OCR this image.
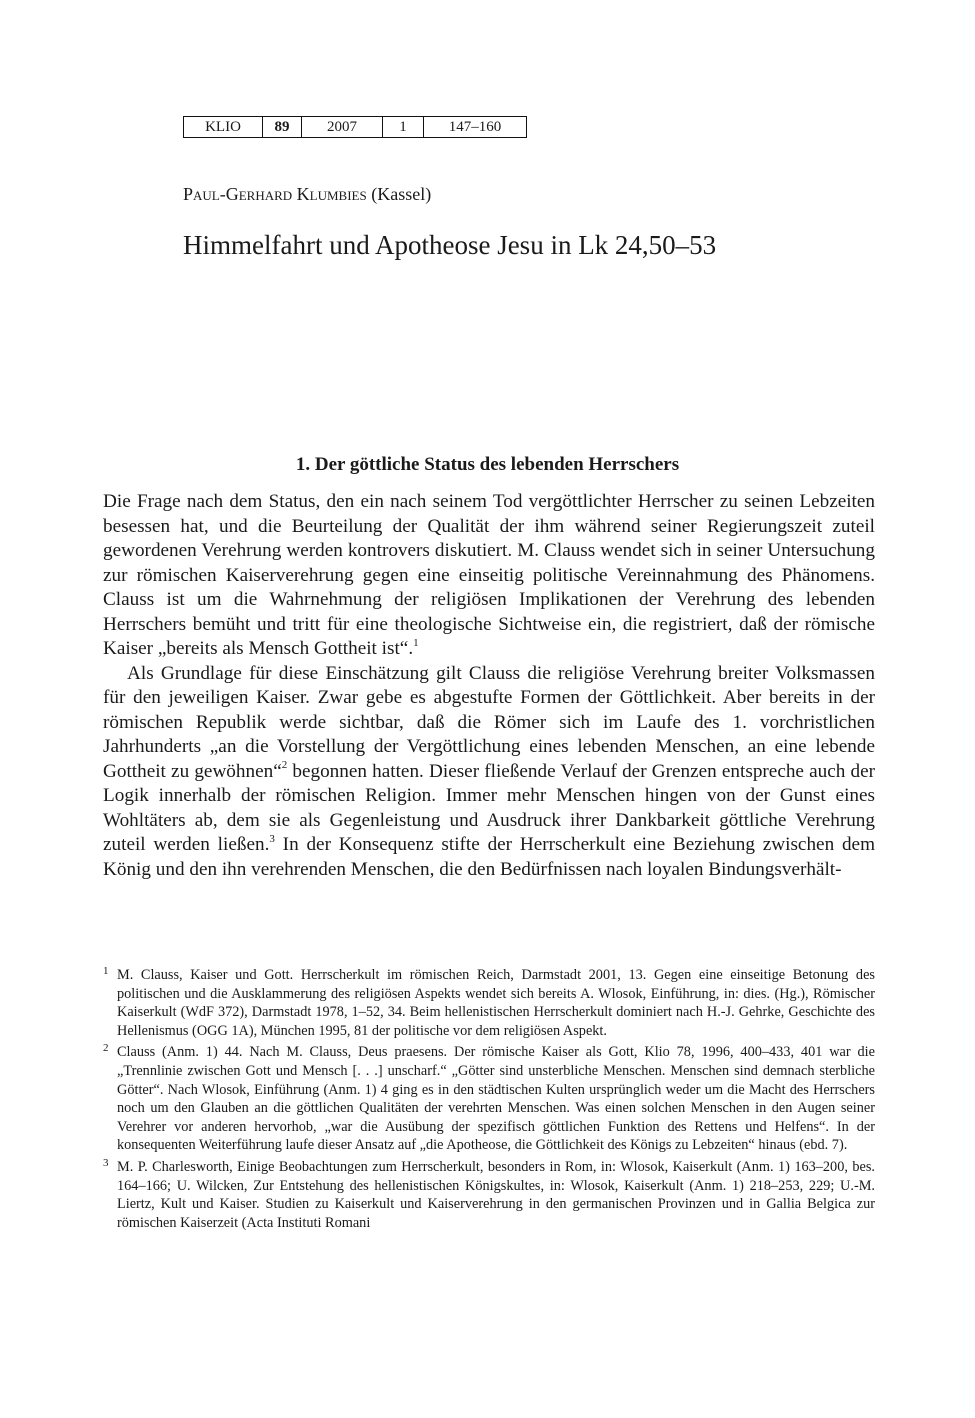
KLIO	89	2007	1	147–160
Paul-Gerhard Klumbies (Kassel)
Himmelfahrt und Apotheose Jesu in Lk 24,50–53
1. Der göttliche Status des lebenden Herrschers

Die Frage nach dem Status, den ein nach seinem Tod vergöttlichter Herrscher zu seinen Lebzeiten besessen hat, und die Beurteilung der Qualität der ihm während seiner Regierungszeit zuteil gewordenen Verehrung werden kontrovers diskutiert. M. Clauss wendet sich in seiner Untersuchung zur römischen Kaiserverehrung gegen eine einseitig politische Vereinnahmung des Phänomens. Clauss ist um die Wahrnehmung der religiösen Implikationen der Verehrung des lebenden Herrschers bemüht und tritt für eine theologische Sichtweise ein, die registriert, daß der römische Kaiser „bereits als Mensch Gottheit ist“.$^1$

Als Grundlage für diese Einschätzung gilt Clauss die religiöse Verehrung breiter Volksmassen für den jeweiligen Kaiser. Zwar gebe es abgestufte Formen der Göttlichkeit. Aber bereits in der römischen Republik werde sichtbar, daß die Römer sich im Laufe des 1. vorchristlichen Jahrhunderts „an die Vorstellung der Vergöttlichung eines lebenden Menschen, an eine lebende Gottheit zu gewöhnen“$^2$ begonnen hatten. Dieser fließende Verlauf der Grenzen entspreche auch der Logik innerhalb der römischen Religion. Immer mehr Menschen hingen von der Gunst eines Wohltäters ab, dem sie als Gegenleistung und Ausdruck ihrer Dankbarkeit göttliche Verehrung zuteil werden ließen.$^3$ In der Konsequenz stifte der Herrscherkult eine Beziehung zwischen dem König und den ihn verehrenden Menschen, die den Bedürfnissen nach loyalen Bindungsverhält-

1 M. Clauss, Kaiser und Gott. Herrscherkult im römischen Reich, Darmstadt 2001, 13. Gegen eine einseitige Betonung des politischen und die Ausklammerung des religiösen Aspekts wendet sich bereits A. Wlosok, Einführung, in: dies. (Hg.), Römischer Kaiserkult (WdF 372), Darmstadt 1978, 1–52, 34. Beim hellenistischen Herrscherkult dominiert nach H.-J. Gehrke, Geschichte des Hellenismus (OGG 1A), München 1995, 81 der politische vor dem religiösen Aspekt.
2 Clauss (Anm. 1) 44. Nach M. Clauss, Deus praesens. Der römische Kaiser als Gott, Klio 78, 1996, 400–433, 401 war die „Trennlinie zwischen Gott und Mensch [. . .] unscharf.“ „Götter sind unsterbliche Menschen. Menschen sind demnach sterbliche Götter“. Nach Wlosok, Einführung (Anm. 1) 4 ging es in den städtischen Kulten ursprünglich weder um die Macht des Herrschers noch um den Glauben an die göttlichen Qualitäten der verehrten Menschen. Was einen solchen Menschen in den Augen seiner Verehrer vor anderen hervorhob, „war die Ausübung der spezifisch göttlichen Funktion des Rettens und Helfens“. In der konsequenten Weiterführung laufe dieser Ansatz auf „die Apotheose, die Göttlichkeit des Königs zu Lebzeiten“ hinaus (ebd. 7).
3 M. P. Charlesworth, Einige Beobachtungen zum Herrscherkult, besonders in Rom, in: Wlosok, Kaiserkult (Anm. 1) 163–200, bes. 164–166; U. Wilcken, Zur Entstehung des hellenistischen Königskultes, in: Wlosok, Kaiserkult (Anm. 1) 218–253, 229; U.-M. Liertz, Kult und Kaiser. Studien zu Kaiserkult und Kaiserverehrung in den germanischen Provinzen und in Gallia Belgica zur römischen Kaiserzeit (Acta Instituti Romani
